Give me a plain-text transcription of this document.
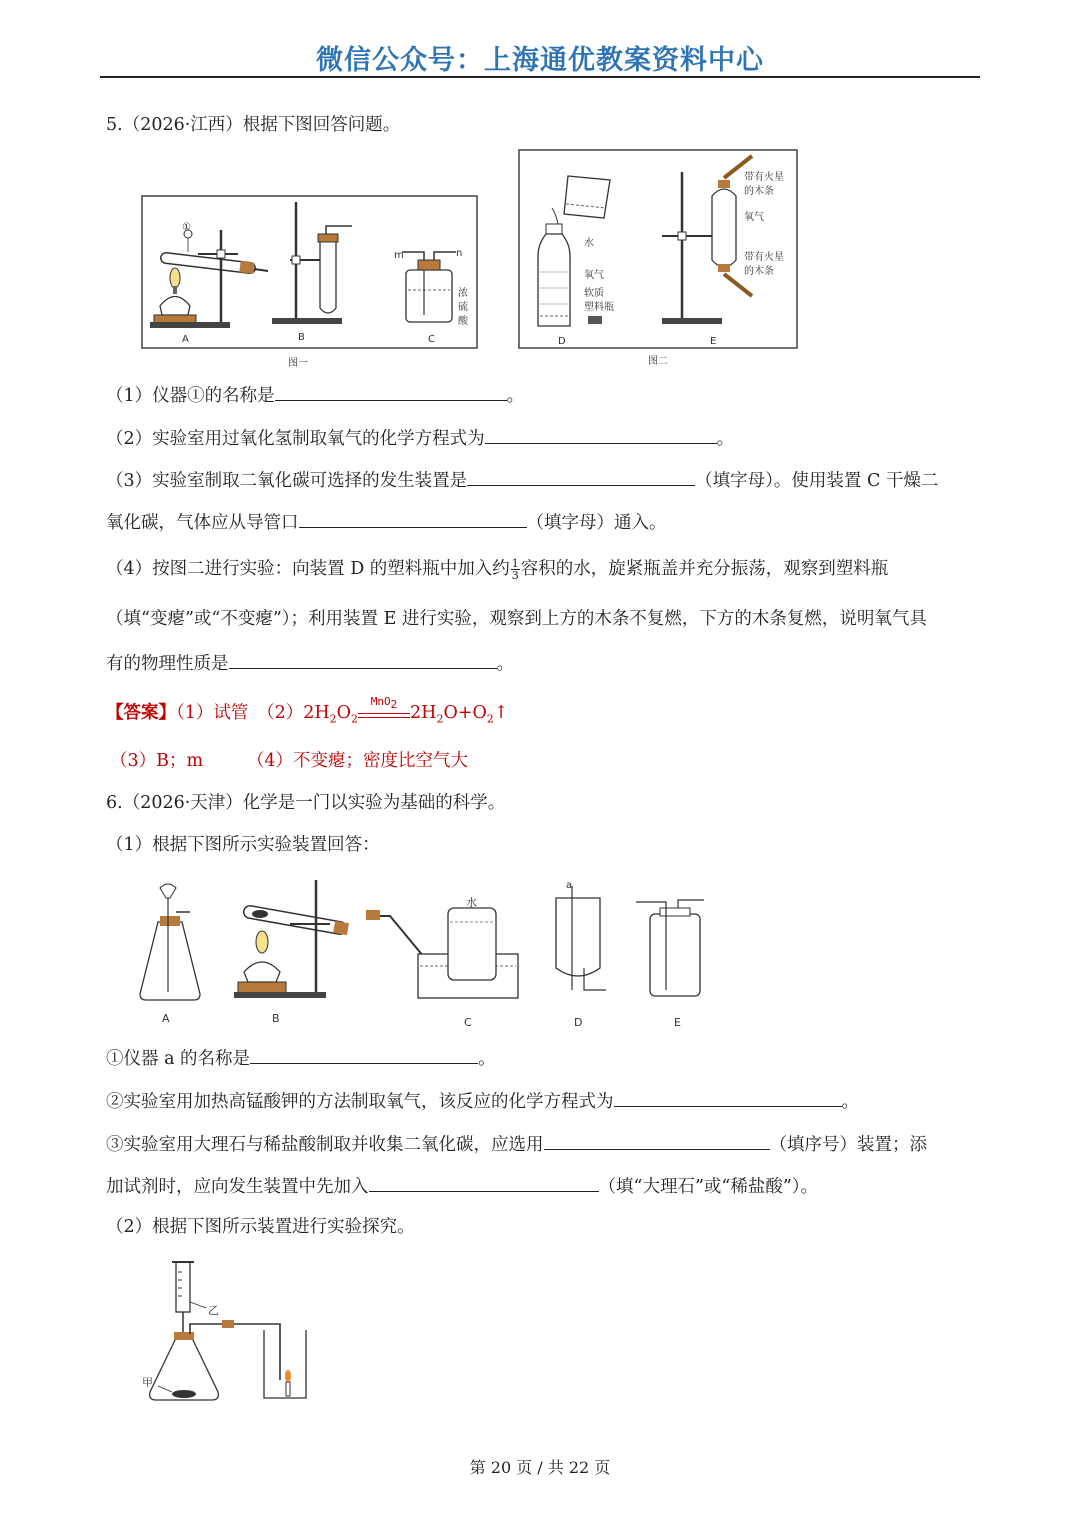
微信公众号：上海通优教案资料中心
5.（2026·江西）根据下图回答问题。
①
A	B
m	n
浓
硫
酸
C
图一
水
氧气
软质
塑料瓶
D
带有火星
的木条
氧气
带有火星
的木条
E
图二
（1）仪器①的名称是	。
（2）实验室用过氧化氢制取氧气的化学方程式为	。
（3）实验室制取二氧化碳可选择的发生装置是	（填字母）。使用装置 C 干燥二
氧化碳，气体应从导管口	（填字母）通入。
（4）按图二进行实验：向装置 D 的塑料瓶中加入约 $\frac{1}{3}$ 容积的水，旋紧瓶盖并充分振荡，观察到塑料瓶
（填“变瘪”或“不变瘪”）；利用装置 E 进行实验，观察到上方的木条不复燃，下方的木条复燃，说明氧气具
有的物理性质是	。
【答案】（1）试管　$(2)2H_2O_2$
MnO$_2$ $2H_2O+O_2↑$
（3）B；m　　　（4）不变瘪；密度比空气大
6.（2026·天津）化学是一门以实验为基础的科学。
（1）根据下图所示实验装置回答：
A	B
水
C
a
D	E
①仪器 a 的名称是	。
②实验室用加热高锰酸钾的方法制取氧气，该反应的化学方程式为	。
③实验室用大理石与稀盐酸制取并收集二氧化碳，应选用	（填序号）装置；添
加试剂时，应向发生装置中先加入	（填“大理石”或“稀盐酸”）。
（2）根据下图所示装置进行实验探究。
乙
甲
第 20 页 / 共 22 页
